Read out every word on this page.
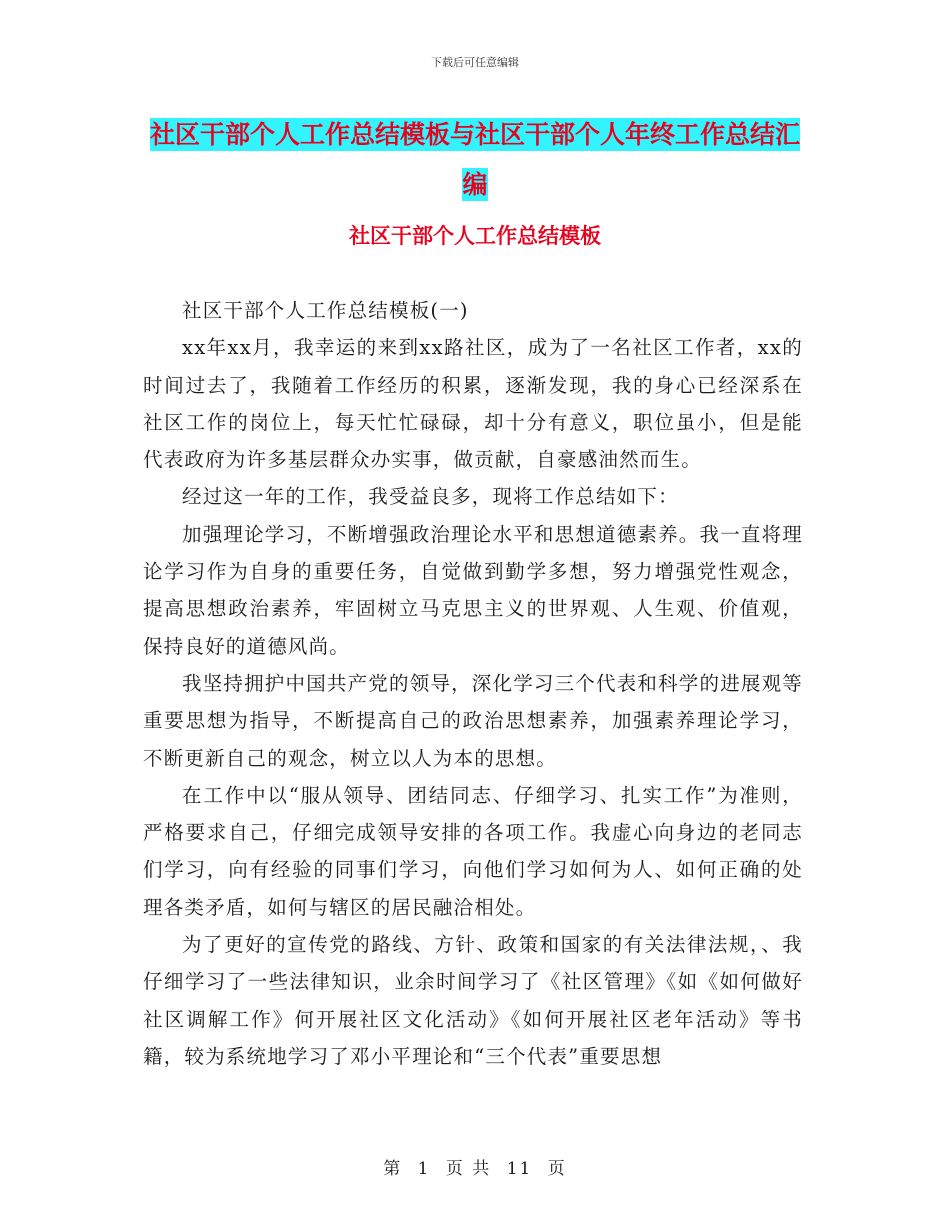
下载后可任意编辑
社区干部个人工作总结模板与社区干部个人年终工作总结汇编
社区干部个人工作总结模板

社区干部个人工作总结模板(一)

xx年xx月，我幸运的来到xx路社区，成为了一名社区工作者，xx的时间过去了，我随着工作经历的积累，逐渐发现，我的身心已经深系在社区工作的岗位上，每天忙忙碌碌，却十分有意义，职位虽小，但是能代表政府为许多基层群众办实事，做贡献，自豪感油然而生。

经过这一年的工作，我受益良多，现将工作总结如下：

加强理论学习，不断增强政治理论水平和思想道德素养。我一直将理论学习作为自身的重要任务，自觉做到勤学多想，努力增强党性观念，提高思想政治素养，牢固树立马克思主义的世界观、人生观、价值观，保持良好的道德风尚。

我坚持拥护中国共产党的领导，深化学习三个代表和科学的进展观等重要思想为指导，不断提高自己的政治思想素养，加强素养理论学习，不断更新自己的观念，树立以人为本的思想。

在工作中以“服从领导、团结同志、仔细学习、扎实工作”为准则，严格要求自己，仔细完成领导安排的各项工作。我虚心向身边的老同志们学习，向有经验的同事们学习，向他们学习如何为人、如何正确的处理各类矛盾，如何与辖区的居民融洽相处。

为了更好的宣传党的路线、方针、政策和国家的有关法律法规，、我仔细学习了一些法律知识，业余时间学习了《社区管理》《如《如何做好社区调解工作》何开展社区文化活动》《如何开展社区老年活动》等书籍，较为系统地学习了邓小平理论和“三个代表”重要思想

第 1 页 共 11 页
